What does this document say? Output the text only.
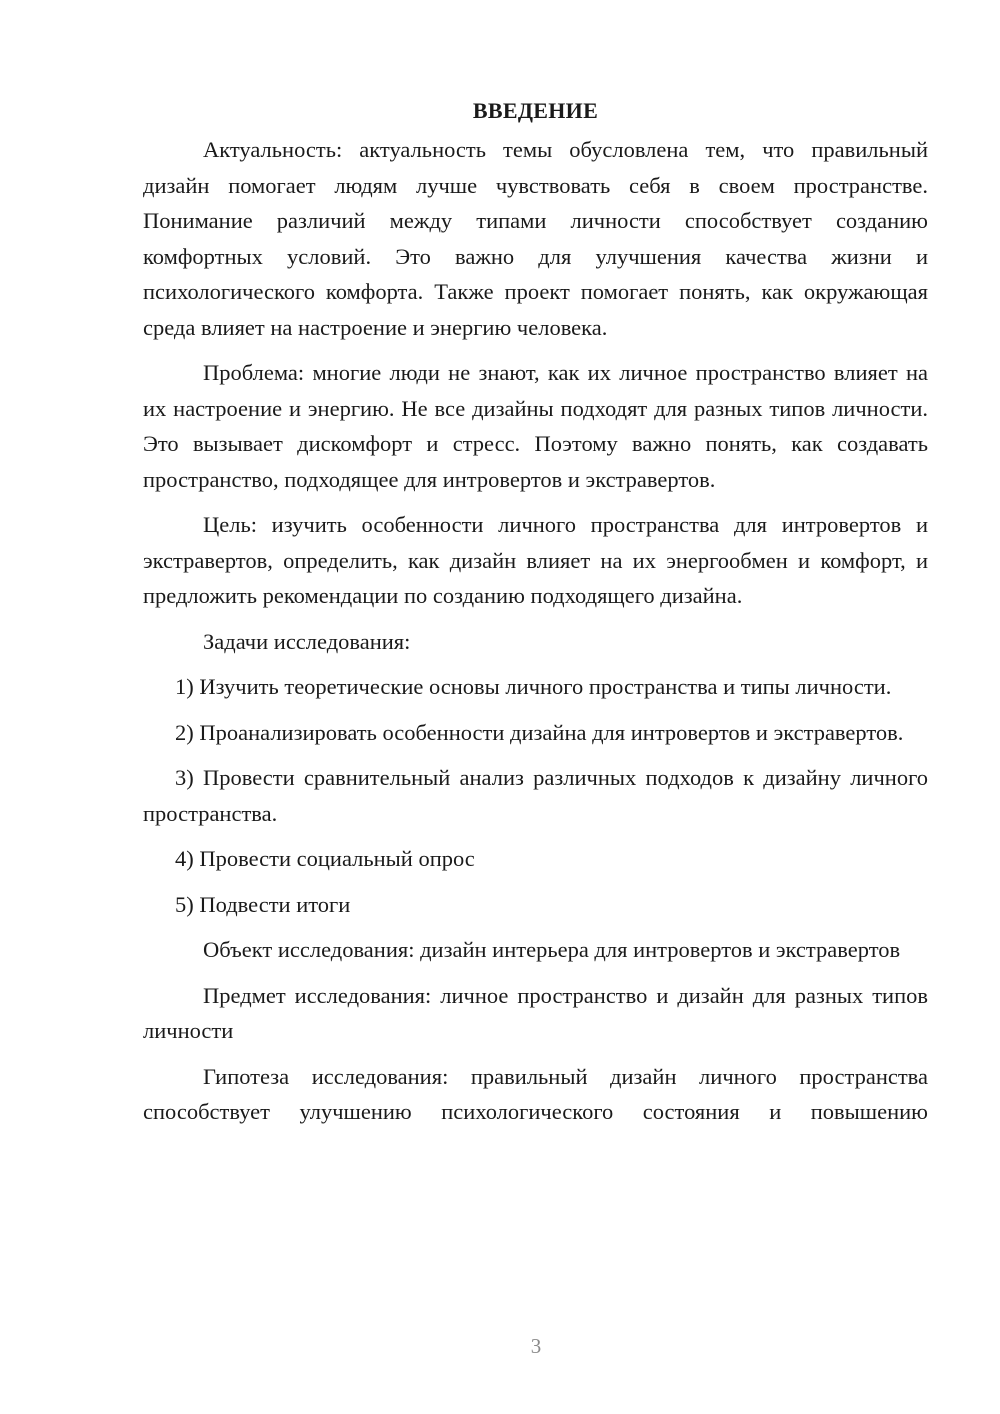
ВВЕДЕНИЕ

Актуальность: актуальность темы обусловлена тем, что правильный дизайн помогает людям лучше чувствовать себя в своем пространстве. Понимание различий между типами личности способствует созданию комфортных условий. Это важно для улучшения качества жизни и психологического комфорта. Также проект помогает понять, как окружающая среда влияет на настроение и энергию человека.

Проблема: многие люди не знают, как их личное пространство влияет на их настроение и энергию. Не все дизайны подходят для разных типов личности. Это вызывает дискомфорт и стресс. Поэтому важно понять, как создавать пространство, подходящее для интровертов и экстравертов.

Цель: изучить особенности личного пространства для интровертов и экстравертов, определить, как дизайн влияет на их энергообмен и комфорт, и предложить рекомендации по созданию подходящего дизайна.

Задачи исследования:

1) Изучить теоретические основы личного пространства и типы личности.

2) Проанализировать особенности дизайна для интровертов и экстравертов.

3) Провести сравнительный анализ различных подходов к дизайну личного пространства.

4) Провести социальный опрос

5) Подвести итоги

Объект исследования: дизайн интерьера для интровертов и экстравертов

Предмет исследования: личное пространство и дизайн для разных типов личности

Гипотеза исследования: правильный дизайн личного пространства способствует улучшению психологического состояния и повышению

3
